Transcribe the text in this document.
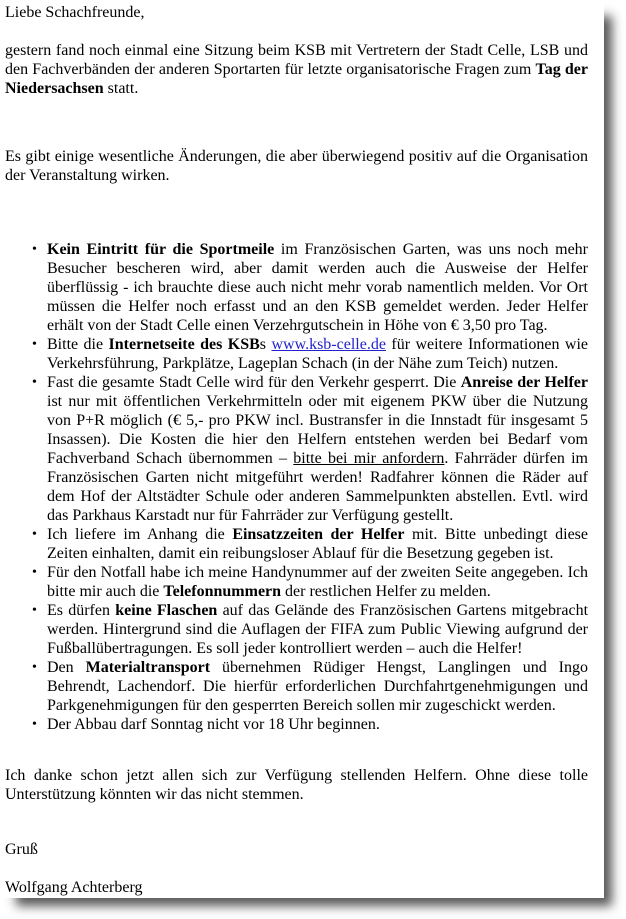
Liebe Schachfreunde,

gestern fand noch einmal eine Sitzung beim KSB mit Vertretern der Stadt Celle, LSB und den Fachverbänden der anderen Sportarten für letzte organisatorische Fragen zum Tag der Niedersachsen statt.

Es gibt einige wesentliche Änderungen, die aber überwiegend positiv auf die Organisation der Veranstaltung wirken.

• Kein Eintritt für die Sportmeile im Französischen Garten, was uns noch mehr Besucher bescheren wird, aber damit werden auch die Ausweise der Helfer überflüssig - ich brauchte diese auch nicht mehr vorab namentlich melden. Vor Ort müssen die Helfer noch erfasst und an den KSB gemeldet werden. Jeder Helfer erhält von der Stadt Celle einen Verzehrgutschein in Höhe von € 3,50 pro Tag.
• Bitte die Internetseite des KSBs www.ksb-celle.de für weitere Informationen wie Verkehrsführung, Parkplätze, Lageplan Schach (in der Nähe zum Teich) nutzen.
• Fast die gesamte Stadt Celle wird für den Verkehr gesperrt. Die Anreise der Helfer ist nur mit öffentlichen Verkehrmitteln oder mit eigenem PKW über die Nutzung von P+R möglich (€ 5,- pro PKW incl. Bustransfer in die Innstadt für insgesamt 5 Insassen). Die Kosten die hier den Helfern entstehen werden bei Bedarf vom Fachverband Schach übernommen – bitte bei mir anfordern. Fahrräder dürfen im Französischen Garten nicht mitgeführt werden! Radfahrer können die Räder auf dem Hof der Altstädter Schule oder anderen Sammelpunkten abstellen. Evtl. wird das Parkhaus Karstadt nur für Fahrräder zur Verfügung gestellt.
• Ich liefere im Anhang die Einsatzzeiten der Helfer mit. Bitte unbedingt diese Zeiten einhalten, damit ein reibungsloser Ablauf für die Besetzung gegeben ist.
• Für den Notfall habe ich meine Handynummer auf der zweiten Seite angegeben. Ich bitte mir auch die Telefonnummern der restlichen Helfer zu melden.
• Es dürfen keine Flaschen auf das Gelände des Französischen Gartens mitgebracht werden. Hintergrund sind die Auflagen der FIFA zum Public Viewing aufgrund der Fußballübertragungen. Es soll jeder kontrolliert werden – auch die Helfer!
• Den Materialtransport übernehmen Rüdiger Hengst, Langlingen und Ingo Behrendt, Lachendorf. Die hierfür erforderlichen Durchfahrtgenehmigungen und Parkgenehmigungen für den gesperrten Bereich sollen mir zugeschickt werden.
• Der Abbau darf Sonntag nicht vor 18 Uhr beginnen.

Ich danke schon jetzt allen sich zur Verfügung stellenden Helfern. Ohne diese tolle Unterstützung könnten wir das nicht stemmen.

Gruß

Wolfgang Achterberg
